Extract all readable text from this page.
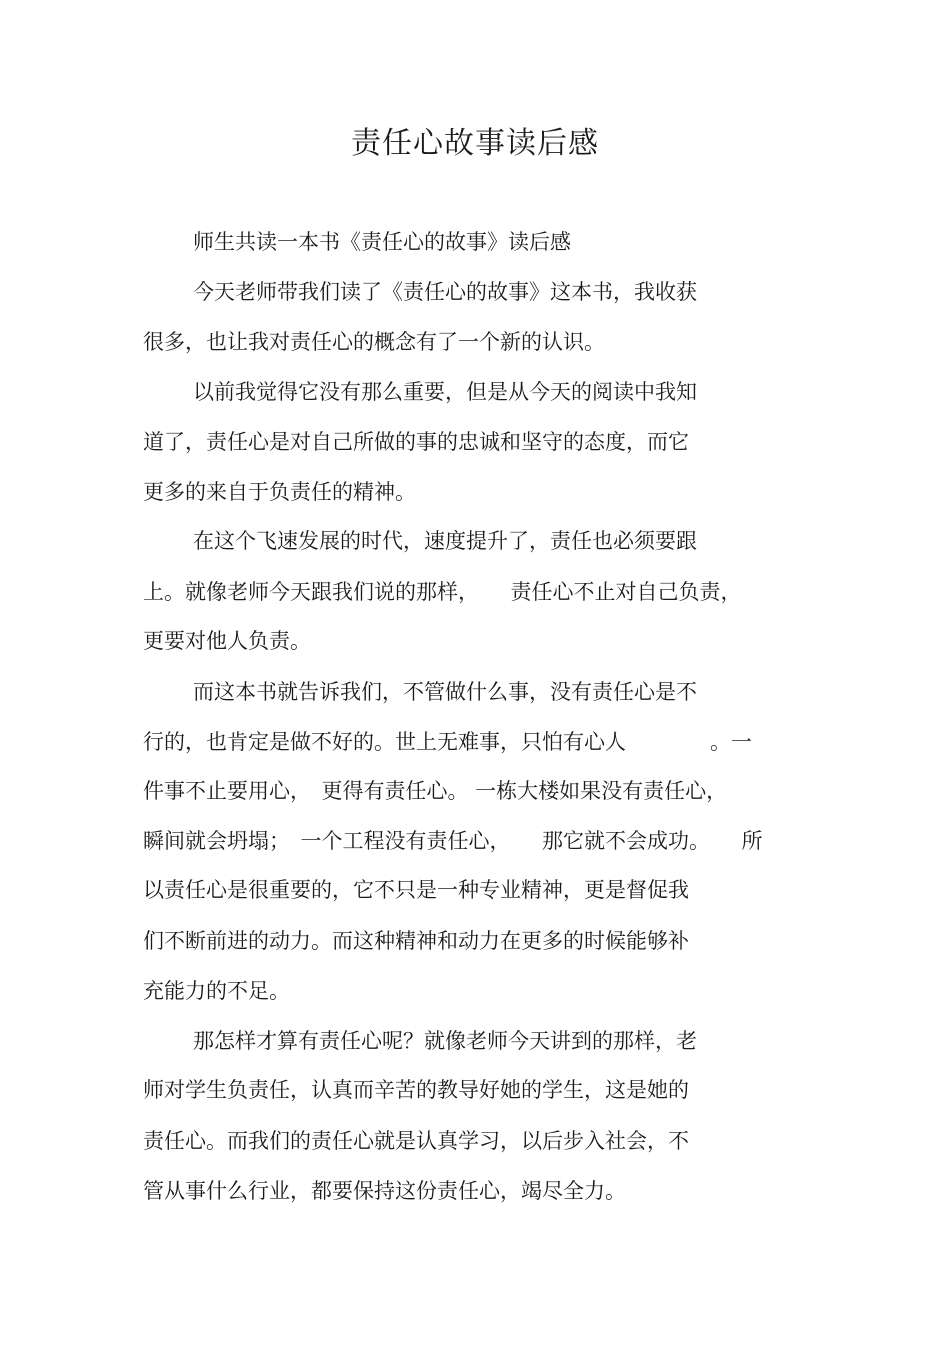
责任心故事读后感
师生共读一本书《责任心的故事》读后感
今天老师带我们读了《责任心的故事》这本书，我收获
很多，也让我对责任心的概念有了一个新的认识。
以前我觉得它没有那么重要，但是从今天的阅读中我知
道了，责任心是对自己所做的事的忠诚和坚守的态度，而它
更多的来自于负责任的精神。
在这个飞速发展的时代，速度提升了，责任也必须要跟
上。就像老师今天跟我们说的那样，　　责任心不止对自己负责，
更要对他人负责。
而这本书就告诉我们，不管做什么事，没有责任心是不
行的，也肯定是做不好的。世上无难事，只怕有心人　　　　。一
件事不止要用心，　更得有责任心。 一栋大楼如果没有责任心，
瞬间就会坍塌；　一个工程没有责任心，　　那它就不会成功。　　所
以责任心是很重要的，它不只是一种专业精神，更是督促我
们不断前进的动力。而这种精神和动力在更多的时候能够补
充能力的不足。
那怎样才算有责任心呢？就像老师今天讲到的那样，老
师对学生负责任，认真而辛苦的教导好她的学生，这是她的
责任心。而我们的责任心就是认真学习，以后步入社会，不
管从事什么行业，都要保持这份责任心，竭尽全力。
